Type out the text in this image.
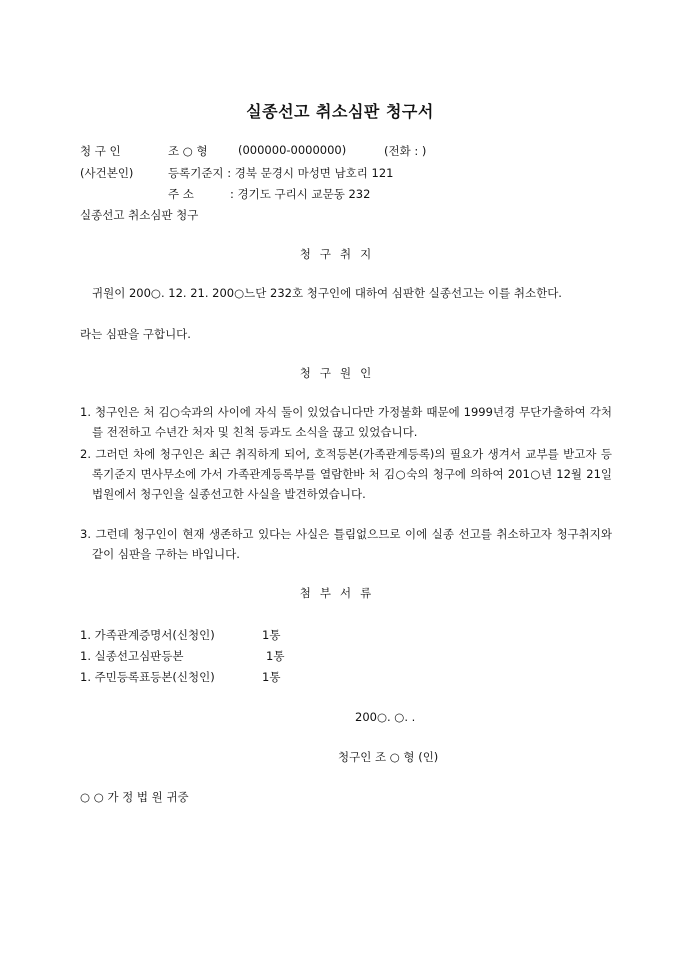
실종선고 취소심판 청구서
청 구 인	조 ○ 형	(000000-0000000)	(전화 : )
(사건본인)	등록기준지 : 경북 문경시 마성면 남호리 121
주 소	: 경기도 구리시 교문동 232
실종선고 취소심판 청구
청구취지
귀원이 200○. 12. 21. 200○느단 232호 청구인에 대하여 심판한 실종선고는 이를 취소한다.
라는 심판을 구합니다.
청구원인
1. 청구인은 처 김○숙과의 사이에 자식 둘이 있었습니다만 가정불화 때문에 1999년경 무단가출하여 각처를 전전하고 수년간 처자 및 친척 등과도 소식을 끊고 있었습니다.
2. 그러던 차에 청구인은 최근 취직하게 되어, 호적등본(가족관계등록)의 필요가 생겨서 교부를 받고자 등록기준지 면사무소에 가서 가족관계등록부를 열람한바 처 김○숙의 청구에 의하여 201○년 12월 21일 법원에서 청구인을 실종선고한 사실을 발견하였습니다.
3. 그런데 청구인이 현재 생존하고 있다는 사실은 틀림없으므로 이에 실종 선고를 취소하고자 청구취지와 같이 심판을 구하는 바입니다.
첨부서류
1. 가족관계증명서(신청인)	1통
1. 실종선고심판등본	1통
1. 주민등록표등본(신청인)	1통
200○. ○. .
청구인 조 ○ 형 (인)
○ ○ 가 정 법 원 귀중
